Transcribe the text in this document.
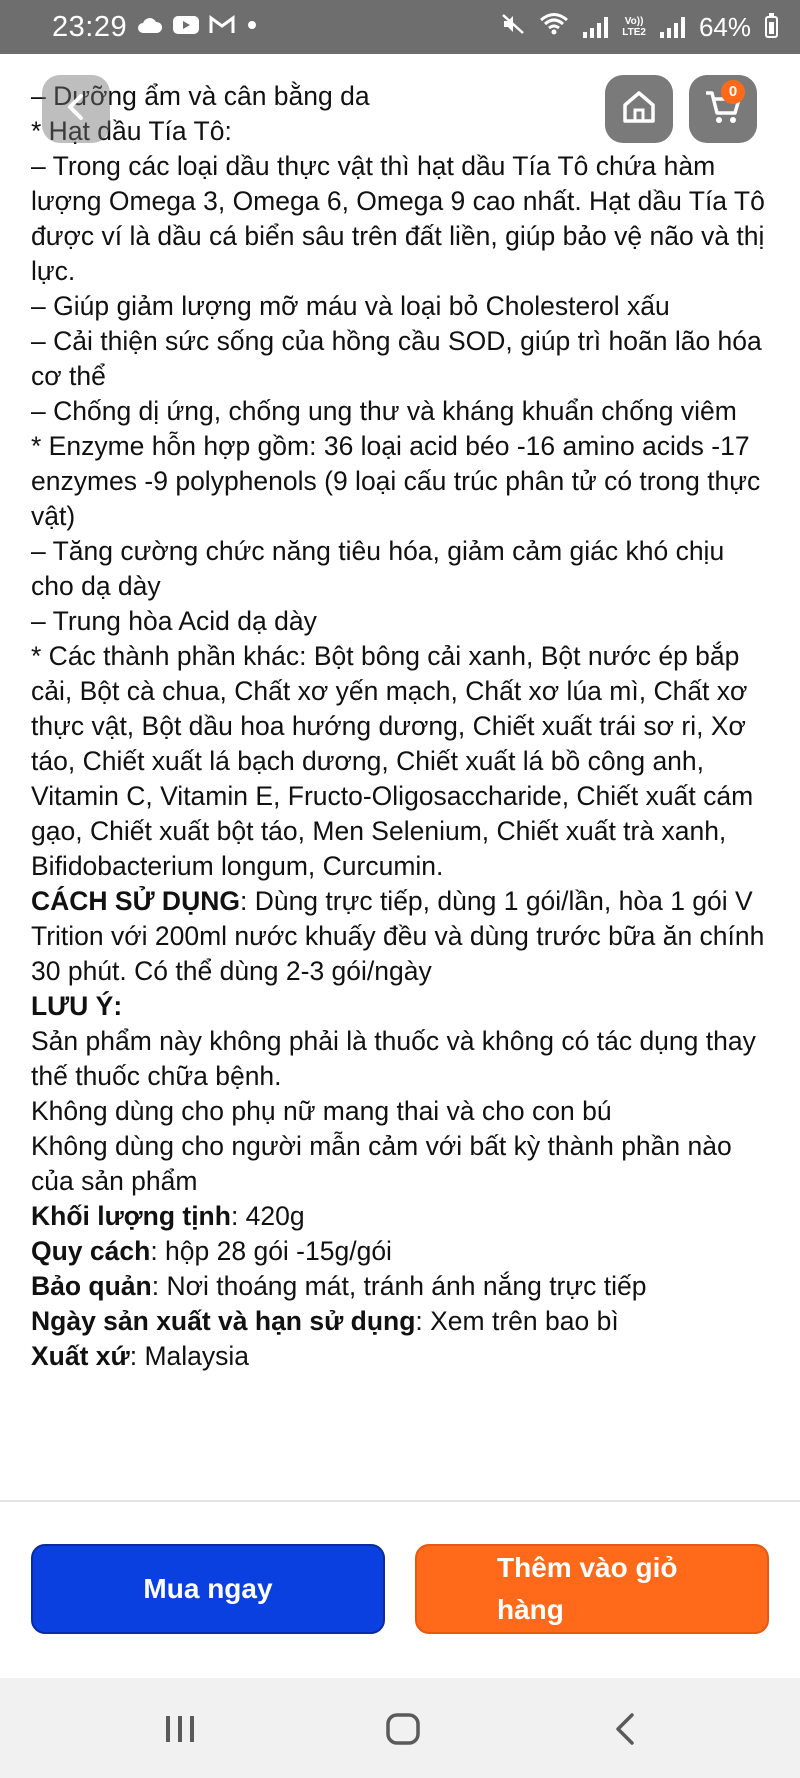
23:29	Vo))
LTE2 64%

– Dưỡng ẩm và cân bằng da

* Hạt dầu Tía Tô:

– Trong các loại dầu thực vật thì hạt dầu Tía Tô chứa hàm lượng Omega 3, Omega 6, Omega 9 cao nhất. Hạt dầu Tía Tô được ví là dầu cá biển sâu trên đất liền, giúp bảo vệ não và thị lực.

– Giúp giảm lượng mỡ máu và loại bỏ Cholesterol xấu

– Cải thiện sức sống của hồng cầu SOD, giúp trì hoãn lão hóa cơ thể

– Chống dị ứng, chống ung thư và kháng khuẩn chống viêm

* Enzyme hỗn hợp gồm: 36 loại acid béo -16 amino acids -17 enzymes -9 polyphenols (9 loại cấu trúc phân tử có trong thực vật)

– Tăng cường chức năng tiêu hóa, giảm cảm giác khó chịu cho dạ dày

– Trung hòa Acid dạ dày

* Các thành phần khác: Bột bông cải xanh, Bột nước ép bắp cải, Bột cà chua, Chất xơ yến mạch, Chất xơ lúa mì, Chất xơ thực vật, Bột dầu hoa hướng dương, Chiết xuất trái sơ ri, Xơ táo, Chiết xuất lá bạch dương, Chiết xuất lá bồ công anh, Vitamin C, Vitamin E, Fructo-Oligosaccharide, Chiết xuất cám gạo, Chiết xuất bột táo, Men Selenium, Chiết xuất trà xanh, Bifidobacterium longum, Curcumin.

CÁCH SỬ DỤNG: Dùng trực tiếp, dùng 1 gói/lần, hòa 1 gói V Trition với 200ml nước khuấy đều và dùng trước bữa ăn chính 30 phút. Có thể dùng 2-3 gói/ngày

LƯU Ý:

Sản phẩm này không phải là thuốc và không có tác dụng thay thế thuốc chữa bệnh.

Không dùng cho phụ nữ mang thai và cho con bú

Không dùng cho người mẫn cảm với bất kỳ thành phần nào của sản phẩm

Khối lượng tịnh: 420g

Quy cách: hộp 28 gói -15g/gói

Bảo quản: Nơi thoáng mát, tránh ánh nắng trực tiếp

Ngày sản xuất và hạn sử dụng: Xem trên bao bì

Xuất xứ: Malaysia

0
Mua ngay
Thêm vào giỏ hàng
